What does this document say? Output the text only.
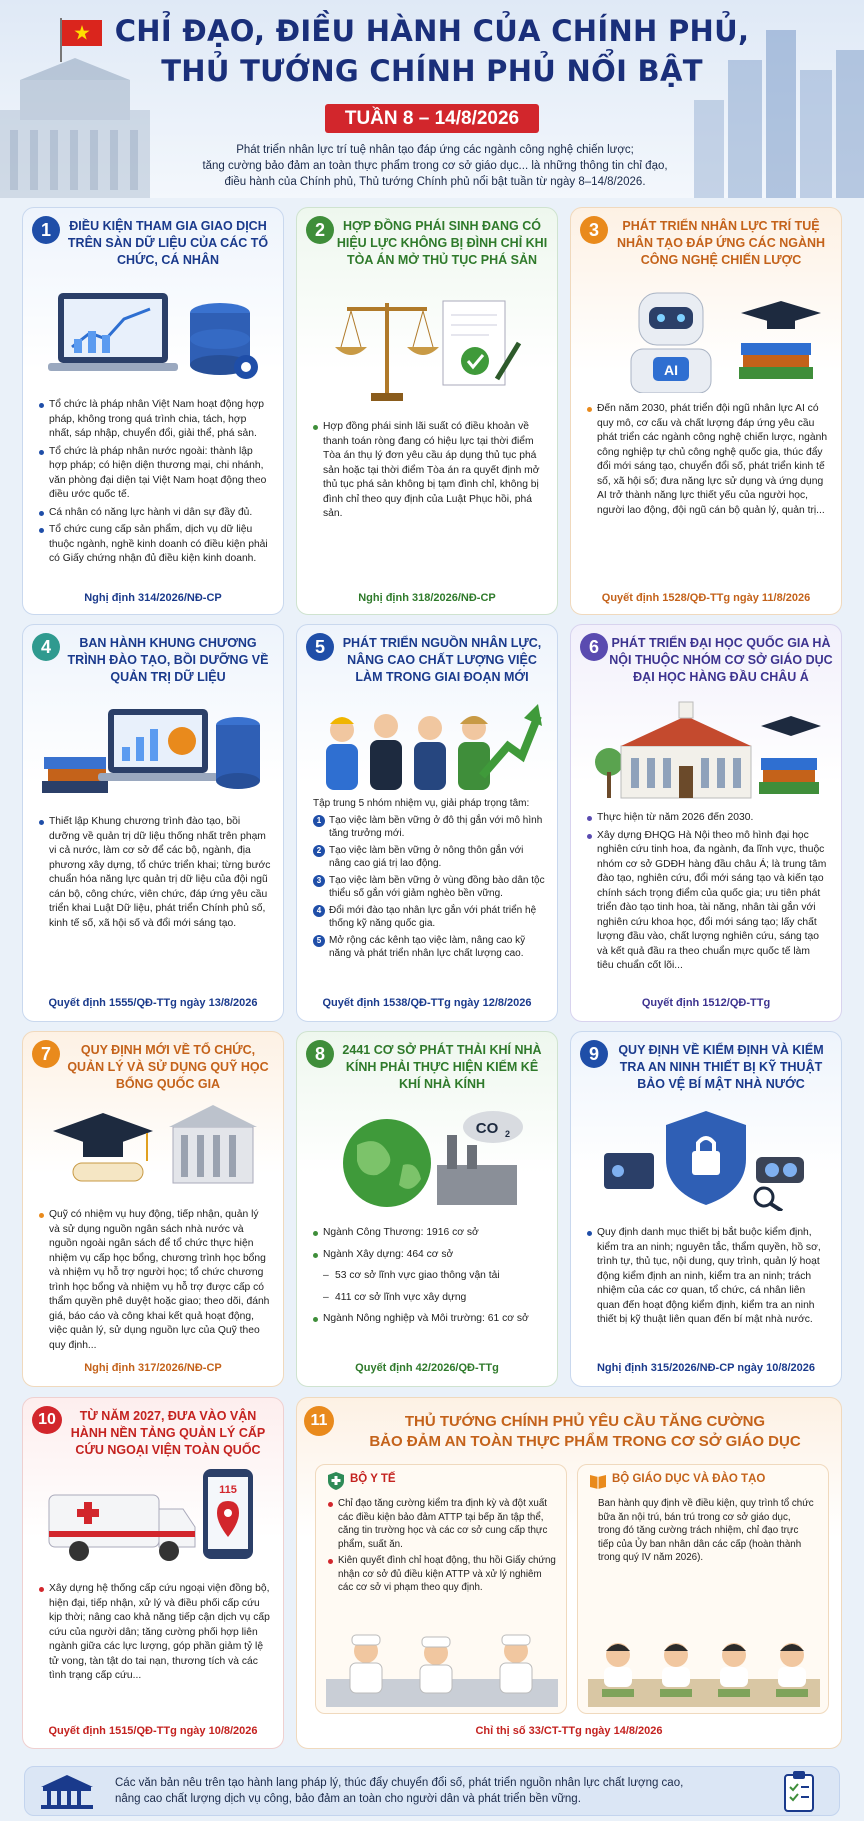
CHỈ ĐẠO, ĐIỀU HÀNH CỦA CHÍNH PHỦ,
THỦ TƯỚNG CHÍNH PHỦ NỔI BẬT
TUẦN 8 – 14/8/2026
Phát triển nhân lực trí tuệ nhân tạo đáp ứng các ngành công nghệ chiến lược;
tăng cường bảo đảm an toàn thực phẩm trong cơ sở giáo dục... là những thông tin chỉ đạo,
điều hành của Chính phủ, Thủ tướng Chính phủ nổi bật tuần từ ngày 8–14/8/2026.
1	ĐIỀU KIỆN THAM GIA GIAO DỊCH TRÊN SÀN DỮ LIỆU CỦA CÁC TỔ CHỨC, CÁ NHÂN
Tổ chức là pháp nhân Việt Nam hoạt động hợp pháp, không trong quá trình chia, tách, hợp nhất, sáp nhập, chuyển đổi, giải thể, phá sản.
Tổ chức là pháp nhân nước ngoài: thành lập hợp pháp; có hiện diện thương mại, chi nhánh, văn phòng đại diện tại Việt Nam hoạt động theo điều ước quốc tế.
Cá nhân có năng lực hành vi dân sự đầy đủ.
Tổ chức cung cấp sản phẩm, dịch vụ dữ liệu thuộc ngành, nghề kinh doanh có điều kiện phải có Giấy chứng nhận đủ điều kiện kinh doanh.
Nghị định 314/2026/NĐ-CP
2	HỢP ĐỒNG PHÁI SINH ĐANG CÓ HIỆU LỰC KHÔNG BỊ ĐÌNH CHỈ KHI TÒA ÁN MỞ THỦ TỤC PHÁ SẢN
Hợp đồng phái sinh lãi suất có điều khoản về thanh toán ròng đang có hiệu lực tại thời điểm Tòa án thụ lý đơn yêu cầu áp dụng thủ tục phá sản hoặc tại thời điểm Tòa án ra quyết định mở thủ tục phá sản không bị tạm đình chỉ, không bị đình chỉ theo quy định của Luật Phục hồi, phá sản.
Nghị định 318/2026/NĐ-CP
3	PHÁT TRIỂN NHÂN LỰC TRÍ TUỆ NHÂN TẠO ĐÁP ỨNG CÁC NGÀNH CÔNG NGHỆ CHIẾN LƯỢC
AI
Đến năm 2030, phát triển đội ngũ nhân lực AI có quy mô, cơ cấu và chất lượng đáp ứng yêu cầu phát triển các ngành công nghệ chiến lược, ngành công nghiệp tự chủ công nghệ quốc gia, thúc đẩy đổi mới sáng tạo, chuyển đổi số, phát triển kinh tế số, xã hội số; đưa năng lực sử dụng và ứng dụng AI trở thành năng lực thiết yếu của người học, người lao động, đội ngũ cán bộ quản lý, quản trị...
Quyết định 1528/QĐ-TTg ngày 11/8/2026
4	BAN HÀNH KHUNG CHƯƠNG TRÌNH ĐÀO TẠO, BỒI DƯỠNG VỀ QUẢN TRỊ DỮ LIỆU
Thiết lập Khung chương trình đào tạo, bồi dưỡng về quản trị dữ liệu thống nhất trên phạm vi cả nước, làm cơ sở để các bộ, ngành, địa phương xây dựng, tổ chức triển khai; từng bước chuẩn hóa năng lực quản trị dữ liệu của đội ngũ cán bộ, công chức, viên chức, đáp ứng yêu cầu triển khai Luật Dữ liệu, phát triển Chính phủ số, kinh tế số, xã hội số và đổi mới sáng tạo.
Quyết định 1555/QĐ-TTg ngày 13/8/2026
5	PHÁT TRIỂN NGUỒN NHÂN LỰC, NÂNG CAO CHẤT LƯỢNG VIỆC LÀM TRONG GIAI ĐOẠN MỚI
Tập trung 5 nhóm nhiệm vụ, giải pháp trọng tâm:
1 Tạo việc làm bền vững ở đô thị gắn với mô hình tăng trưởng mới.
2 Tạo việc làm bền vững ở nông thôn gắn với nâng cao giá trị lao động.
3 Tạo việc làm bền vững ở vùng đồng bào dân tộc thiểu số gắn với giảm nghèo bền vững.
4 Đổi mới đào tạo nhân lực gắn với phát triển hệ thống kỹ năng quốc gia.
5 Mở rộng các kênh tạo việc làm, nâng cao kỹ năng và phát triển nhân lực chất lượng cao.
Quyết định 1538/QĐ-TTg ngày 12/8/2026
6	PHÁT TRIỂN ĐẠI HỌC QUỐC GIA HÀ NỘI THUỘC NHÓM CƠ SỞ GIÁO DỤC ĐẠI HỌC HÀNG ĐẦU CHÂU Á
Thực hiện từ năm 2026 đến 2030.
Xây dựng ĐHQG Hà Nội theo mô hình đại học nghiên cứu tinh hoa, đa ngành, đa lĩnh vực, thuộc nhóm cơ sở GDĐH hàng đầu châu Á; là trung tâm đào tạo, nghiên cứu, đổi mới sáng tạo và kiến tạo chính sách trọng điểm của quốc gia; ưu tiên phát triển đào tạo tinh hoa, tài năng, nhân tài gắn với nghiên cứu khoa học, đổi mới sáng tạo; lấy chất lượng đầu vào, chất lượng nghiên cứu, sáng tạo và kết quả đầu ra theo chuẩn mực quốc tế làm tiêu chuẩn cốt lõi...
Quyết định 1512/QĐ-TTg
7	QUY ĐỊNH MỚI VỀ TỔ CHỨC, QUẢN LÝ VÀ SỬ DỤNG QUỸ HỌC BỔNG QUỐC GIA
Quỹ có nhiệm vụ huy động, tiếp nhận, quản lý và sử dụng nguồn ngân sách nhà nước và nguồn ngoài ngân sách để tổ chức thực hiện nhiệm vụ cấp học bổng, chương trình học bổng và nhiệm vụ hỗ trợ người học; tổ chức chương trình học bổng và nhiệm vụ hỗ trợ được cấp có thẩm quyền phê duyệt hoặc giao; theo dõi, đánh giá, báo cáo và công khai kết quả hoạt động, việc quản lý, sử dụng nguồn lực của Quỹ theo quy định...
Nghị định 317/2026/NĐ-CP
8	2441 CƠ SỞ PHÁT THẢI KHÍ NHÀ KÍNH PHẢI THỰC HIỆN KIỂM KÊ KHÍ NHÀ KÍNH
CO 2
Ngành Công Thương: 1916 cơ sở
Ngành Xây dựng: 464 cơ sở
– 53 cơ sở lĩnh vực giao thông vận tải
– 411 cơ sở lĩnh vực xây dựng
Ngành Nông nghiệp và Môi trường: 61 cơ sở
Quyết định 42/2026/QĐ-TTg
9	QUY ĐỊNH VỀ KIỂM ĐỊNH VÀ KIỂM TRA AN NINH THIẾT BỊ KỸ THUẬT BẢO VỆ BÍ MẬT NHÀ NƯỚC
Quy định danh mục thiết bị bắt buộc kiểm định, kiểm tra an ninh; nguyên tắc, thẩm quyền, hồ sơ, trình tự, thủ tục, nội dung, quy trình, quản lý hoạt động kiểm định an ninh, kiểm tra an ninh; trách nhiệm của các cơ quan, tổ chức, cá nhân liên quan đến hoạt động kiểm định, kiểm tra an ninh thiết bị kỹ thuật liên quan đến bí mật nhà nước.
Nghị định 315/2026/NĐ-CP ngày 10/8/2026
10	TỪ NĂM 2027, ĐƯA VÀO VẬN HÀNH NỀN TẢNG QUẢN LÝ CẤP CỨU NGOẠI VIỆN TOÀN QUỐC
115
Xây dựng hệ thống cấp cứu ngoại viện đồng bộ, hiện đại, tiếp nhận, xử lý và điều phối cấp cứu kịp thời; nâng cao khả năng tiếp cận dịch vụ cấp cứu của người dân; tăng cường phối hợp liên ngành giữa các lực lượng, góp phần giảm tỷ lệ tử vong, tàn tật do tai nạn, thương tích và các tình trạng cấp cứu...
Quyết định 1515/QĐ-TTg ngày 10/8/2026
11	THỦ TƯỚNG CHÍNH PHỦ YÊU CẦU TĂNG CƯỜNG
BẢO ĐẢM AN TOÀN THỰC PHẨM TRONG CƠ SỞ GIÁO DỤC
BỘ Y TẾ
Chỉ đạo tăng cường kiểm tra định kỳ và đột xuất các điều kiện bảo đảm ATTP tại bếp ăn tập thể, căng tin trường học và các cơ sở cung cấp thực phẩm, suất ăn.
Kiên quyết đình chỉ hoạt động, thu hồi Giấy chứng nhận cơ sở đủ điều kiện ATTP và xử lý nghiêm các cơ sở vi phạm theo quy định.
BỘ GIÁO DỤC VÀ ĐÀO TẠO
Ban hành quy định về điều kiện, quy trình tổ chức bữa ăn nội trú, bán trú trong cơ sở giáo dục, trong đó tăng cường trách nhiệm, chỉ đạo trực tiếp của Ủy ban nhân dân các cấp (hoàn thành trong quý IV năm 2026).
Chỉ thị số 33/CT-TTg ngày 14/8/2026
Các văn bản nêu trên tạo hành lang pháp lý, thúc đẩy chuyển đổi số, phát triển nguồn nhân lực chất lượng cao,
nâng cao chất lượng dịch vụ công, bảo đảm an toàn cho người dân và phát triển bền vững.
